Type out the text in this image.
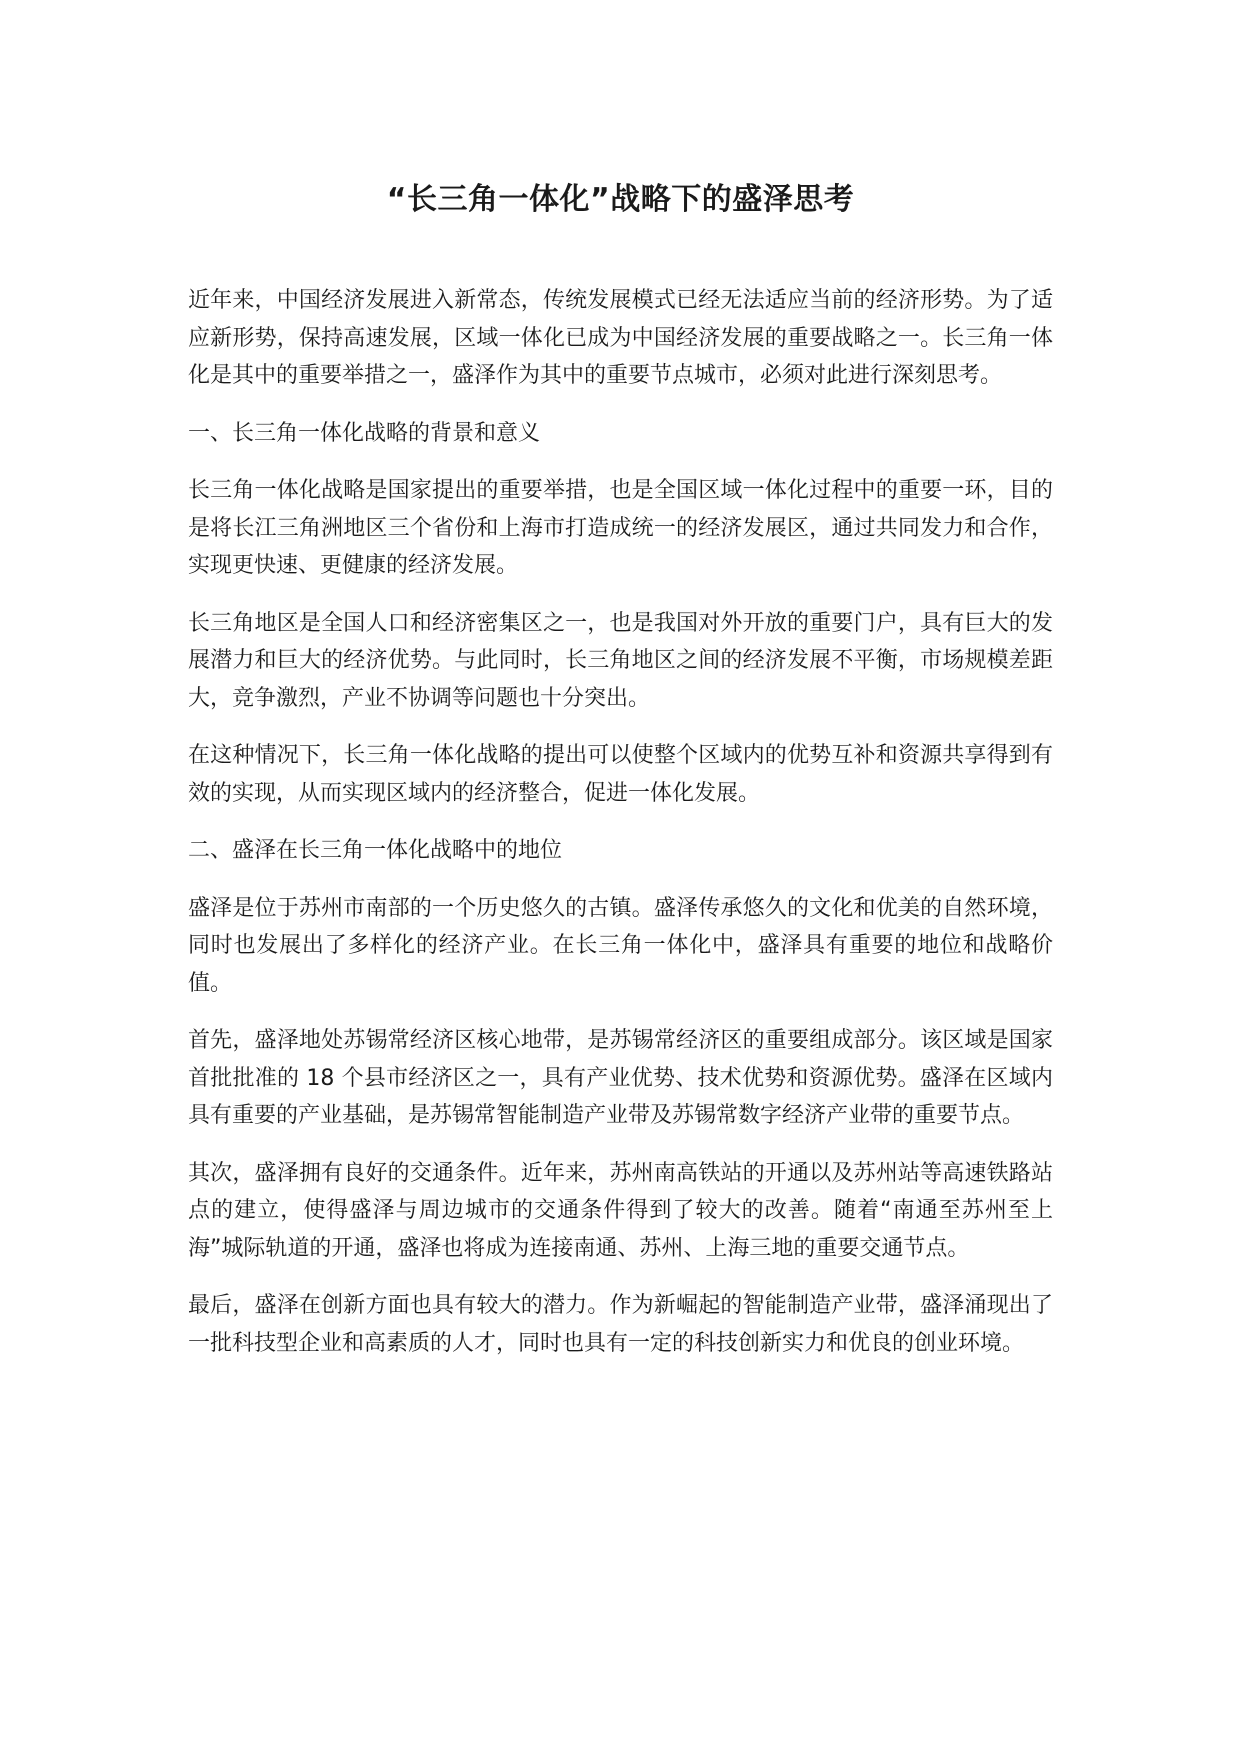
“长三角一体化”战略下的盛泽思考

近年来，中国经济发展进入新常态，传统发展模式已经无法适应当前的经济形势。为了适应新形势，保持高速发展，区域一体化已成为中国经济发展的重要战略之一。长三角一体化是其中的重要举措之一，盛泽作为其中的重要节点城市，必须对此进行深刻思考。

一、长三角一体化战略的背景和意义

长三角一体化战略是国家提出的重要举措，也是全国区域一体化过程中的重要一环，目的是将长江三角洲地区三个省份和上海市打造成统一的经济发展区，通过共同发力和合作，实现更快速、更健康的经济发展。

长三角地区是全国人口和经济密集区之一，也是我国对外开放的重要门户，具有巨大的发展潜力和巨大的经济优势。与此同时，长三角地区之间的经济发展不平衡，市场规模差距大，竞争激烈，产业不协调等问题也十分突出。

在这种情况下，长三角一体化战略的提出可以使整个区域内的优势互补和资源共享得到有效的实现，从而实现区域内的经济整合，促进一体化发展。

二、盛泽在长三角一体化战略中的地位

盛泽是位于苏州市南部的一个历史悠久的古镇。盛泽传承悠久的文化和优美的自然环境，同时也发展出了多样化的经济产业。在长三角一体化中，盛泽具有重要的地位和战略价值。

首先，盛泽地处苏锡常经济区核心地带，是苏锡常经济区的重要组成部分。该区域是国家首批批准的 18 个县市经济区之一，具有产业优势、技术优势和资源优势。盛泽在区域内具有重要的产业基础，是苏锡常智能制造产业带及苏锡常数字经济产业带的重要节点。

其次，盛泽拥有良好的交通条件。近年来，苏州南高铁站的开通以及苏州站等高速铁路站点的建立，使得盛泽与周边城市的交通条件得到了较大的改善。随着“南通至苏州至上海”城际轨道的开通，盛泽也将成为连接南通、苏州、上海三地的重要交通节点。

最后，盛泽在创新方面也具有较大的潜力。作为新崛起的智能制造产业带，盛泽涌现出了一批科技型企业和高素质的人才，同时也具有一定的科技创新实力和优良的创业环境。
